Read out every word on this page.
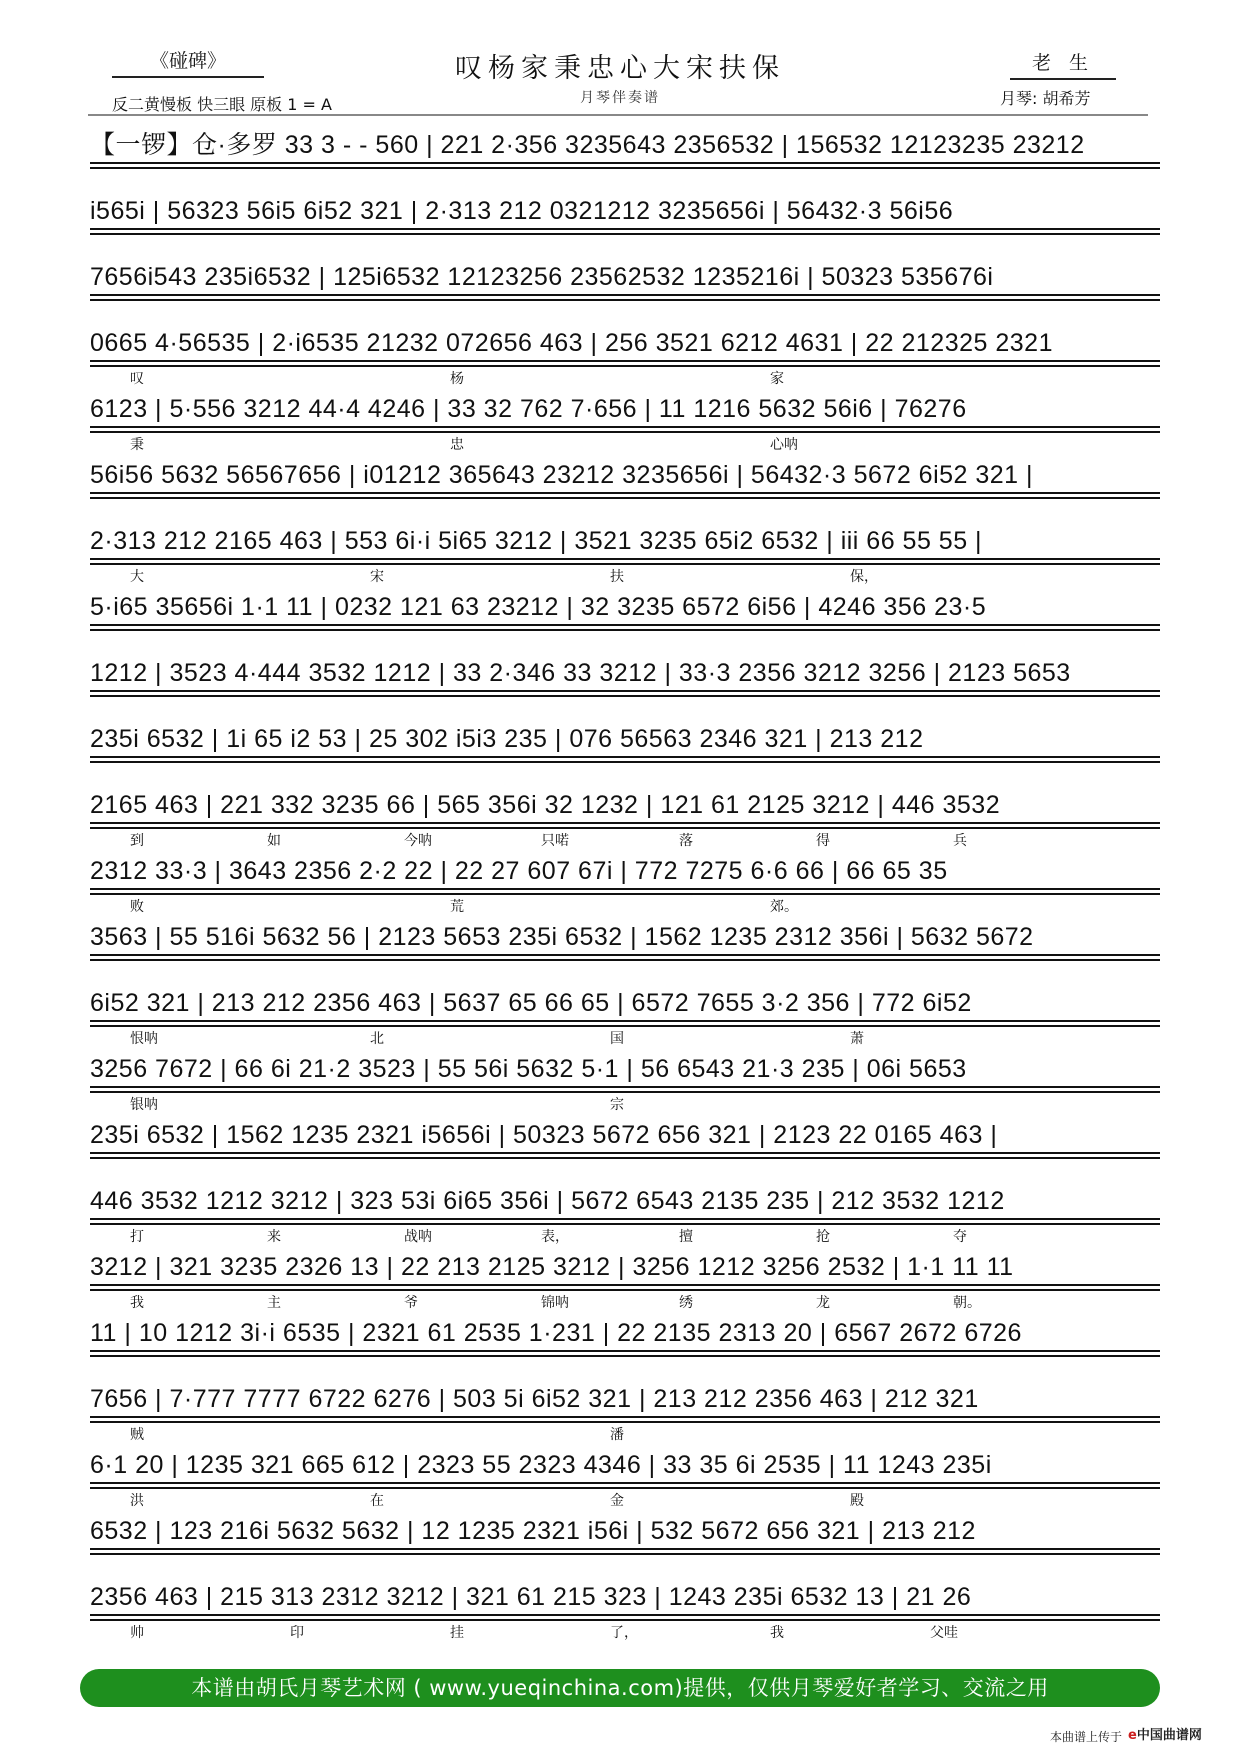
《碰碑》	叹杨家秉忠心大宋扶保
月琴伴奏谱
老 生
反二黄慢板 快三眼 原板 1 = A	月琴: 胡希芳
【一锣】仓·多罗 33 3 - - 560 | 221 2·356 3235643 2356532 | 156532 12123235 23212
i565i | 56323 56i5 6i52 321 | 2·313 212 0321212 3235656i | 56432·3 56i56
7656i543 235i6532 | 125i6532 12123256 23562532 1235216i | 50323 535676i
0665 4·56535 | 2·i6535 21232 072656 463 | 256 3521 6212 4631 | 22 212325 2321
6123 | 5·556 3212 44·4 4246 | 33 32 762 7·656 | 11 1216 5632 56i6 | 76276
56i56 5632 56567656 | i01212 365643 23212 3235656i | 56432·3 5672 6i52 321 |
2·313 212 2165 463 | 553 6i·i 5i65 3212 | 3521 3235 65i2 6532 | iii 66 55 55 |
5·i65 35656i 1·1 11 | 0232 121 63 23212 | 32 3235 6572 6i56 | 4246 356 23·5
1212 | 3523 4·444 3532 1212 | 33 2·346 33 3212 | 33·3 2356 3212 3256 | 2123 5653
235i 6532 | 1i 65 i2 53 | 25 302 i5i3 235 | 076 56563 2346 321 | 213 212
2165 463 | 221 332 3235 66 | 565 356i 32 1232 | 121 61 2125 3212 | 446 3532
2312 33·3 | 3643 2356 2·2 22 | 22 27 607 67i | 772 7275 6·6 66 | 66 65 35
3563 | 55 516i 5632 56 | 2123 5653 235i 6532 | 1562 1235 2312 356i | 5632 5672
6i52 321 | 213 212 2356 463 | 5637 65 66 65 | 6572 7655 3·2 356 | 772 6i52
3256 7672 | 66 6i 21·2 3523 | 55 56i 5632 5·1 | 56 6543 21·3 235 | 06i 5653
235i 6532 | 1562 1235 2321 i5656i | 50323 5672 656 321 | 2123 22 0165 463 |
446 3532 1212 3212 | 323 53i 6i65 356i | 5672 6543 2135 235 | 212 3532 1212
3212 | 321 3235 2326 13 | 22 213 2125 3212 | 3256 1212 3256 2532 | 1·1 11 11
11 | 10 1212 3i·i 6535 | 2321 61 2535 1·231 | 22 2135 2313 20 | 6567 2672 6726
7656 | 7·777 7777 6722 6276 | 503 5i 6i52 321 | 213 212 2356 463 | 212 321
6·1 20 | 1235 321 665 612 | 2323 55 2323 4346 | 33 35 6i 2535 | 11 1243 235i
6532 | 123 216i 5632 5632 | 12 1235 2321 i56i | 532 5672 656 321 | 213 212
2356 463 | 215 313 2312 3212 | 321 61 215 323 | 1243 235i 6532 13 | 21 26
叹	杨	家
秉	忠	心呐
大	宋	扶	保，
到	如	今呐	只喏	落	得	兵
败	荒	郊。
恨呐	北	国	萧
银呐	宗
打	来	战呐	表，	擅	抢	夺
我	主	爷	锦呐	绣	龙	朝。
贼	潘
洪	在	金	殿
帅	印	挂	了，	我	父哇
本谱由胡氏月琴艺术网 ( www.yueqinchina.com)提供，仅供月琴爱好者学习、交流之用
本曲谱上传于 e中国曲谱网
